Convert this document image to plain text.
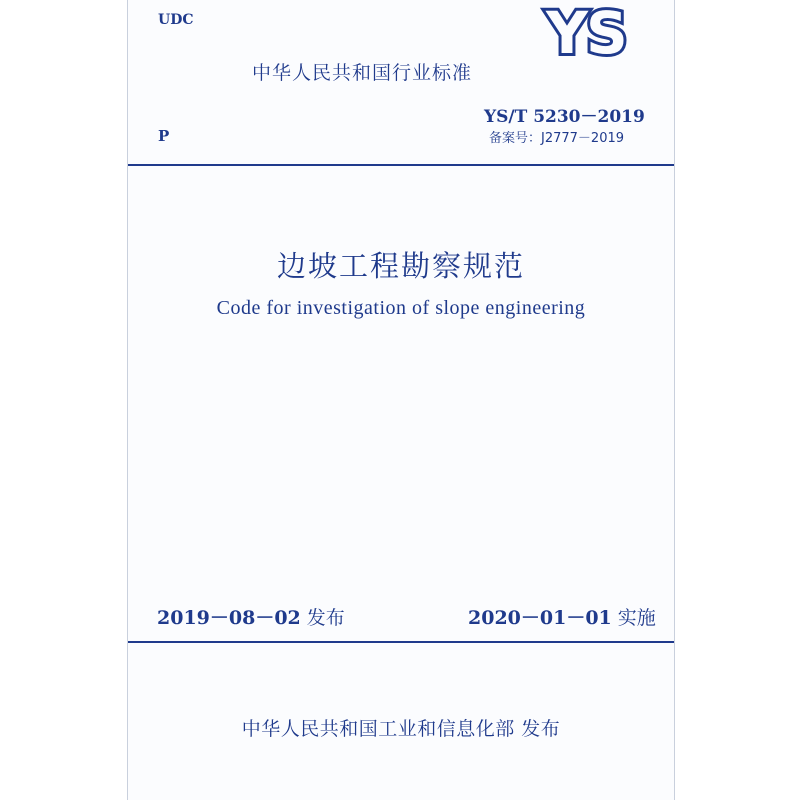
UDC
中华人民共和国行业标准
YS
YS/T 5230－2019
备案号：J2777－2019
P
边坡工程勘察规范
Code for investigation of slope engineering
2019－08－02 发布	2020－01－01 实施
中华人民共和国工业和信息化部 发布
